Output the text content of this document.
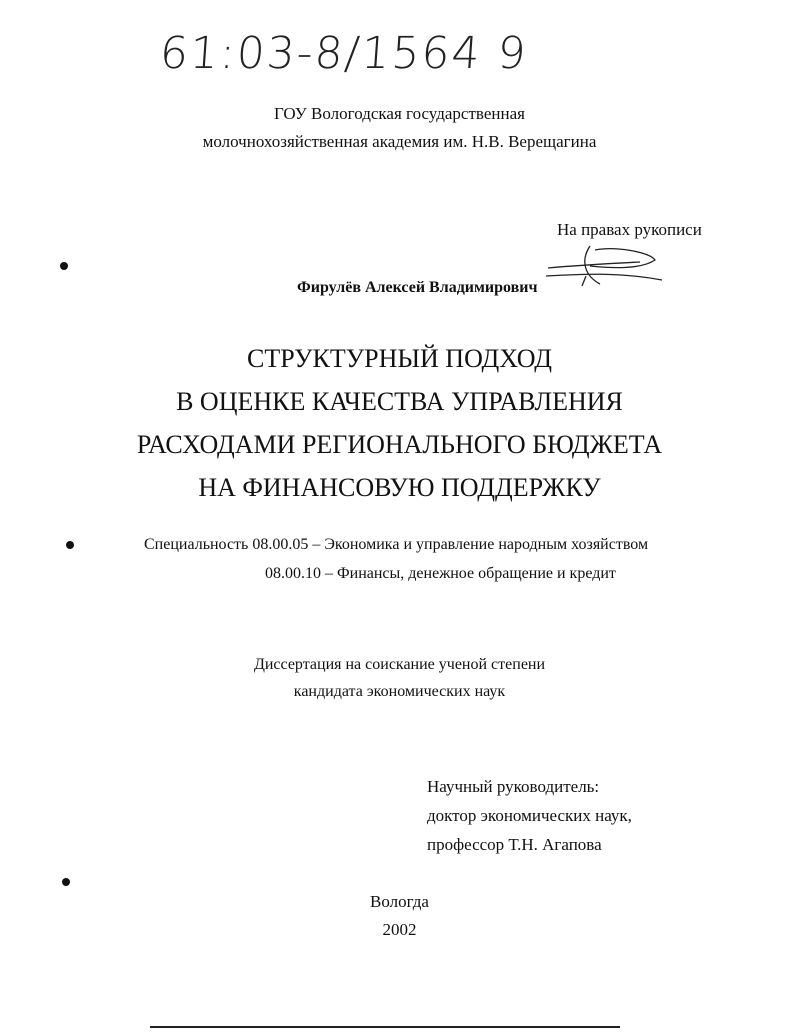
61:03-8/1564 9
ГОУ Вологодская государственная
молочнохозяйственная академия им. Н.В. Верещагина
На правах рукописи
Фирулёв Алексей Владимирович
СТРУКТУРНЫЙ ПОДХОД
В ОЦЕНКЕ КАЧЕСТВА УПРАВЛЕНИЯ
РАСХОДАМИ РЕГИОНАЛЬНОГО БЮДЖЕТА
НА ФИНАНСОВУЮ ПОДДЕРЖКУ
Специальность 08.00.05 – Экономика и управление народным хозяйством
08.00.10 – Финансы, денежное обращение и кредит
Диссертация на соискание ученой степени
кандидата экономических наук
Научный руководитель:
доктор экономических наук,
профессор Т.Н. Агапова
Вологда
2002
